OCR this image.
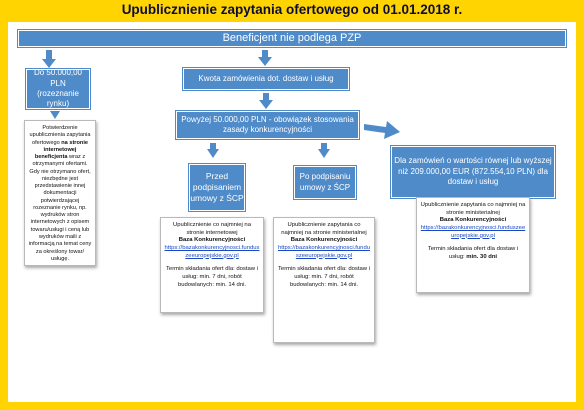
Upublicznienie zapytania ofertowego od 01.01.2018 r.
Beneficjent nie podlega PZP
Do 50.000,00 PLN
(rozeznanie rynku)
Kwota zamówienia dot. dostaw i usług
Powyżej 50.000,00 PLN - obowiązek stosowania zasady konkurencyjności
Przed podpisaniem umowy z ŚCP
Po podpisaniu umowy z ŚCP
Dla zamówień o wartości równej lub wyższej niż 209.000,00 EUR (872.554,10 PLN) dla dostaw i usług
Potwierdzenie upublicznienia zapytania ofertowego na stronie internetowej beneficjenta wraz z otrzymanymi ofertami.
Gdy nie otrzymano ofert, niezbędne jest przedstawienie innej dokumentacji potwierdzającej rozeznanie rynku, np. wydruków stron internetowych z opisem towaru/usługi i ceną lub wydruków maili z informacją na temat ceny za określony towar/ usługę.
Upublicznienie co najmniej na stronie internetowej
Baza Konkurencyjności
https://bazakonkurencyjnosci.funduszeeuropejskie.gov.pl
Termin składania ofert dla: dostaw i usług: min. 7 dni, robót budowlanych: min. 14 dni.
Upublicznienie zapytania co najmniej na stronie ministerialnej
Baza Konkurencyjności
https://bazakonkurencyjnosci.funduszeeuropejskie.gov.pl
Termin składania ofert dla: dostaw i usług: min. 7 dni, robót budowlanych: min. 14 dni.
Upublicznienie zapytania co najmniej na stronie ministerialnej
Baza Konkurencyjności
https://bazakonkurencyjnosci.funduszeeuropejskie.gov.pl
Termin składania ofert dla dostaw i usług: min. 30 dni
